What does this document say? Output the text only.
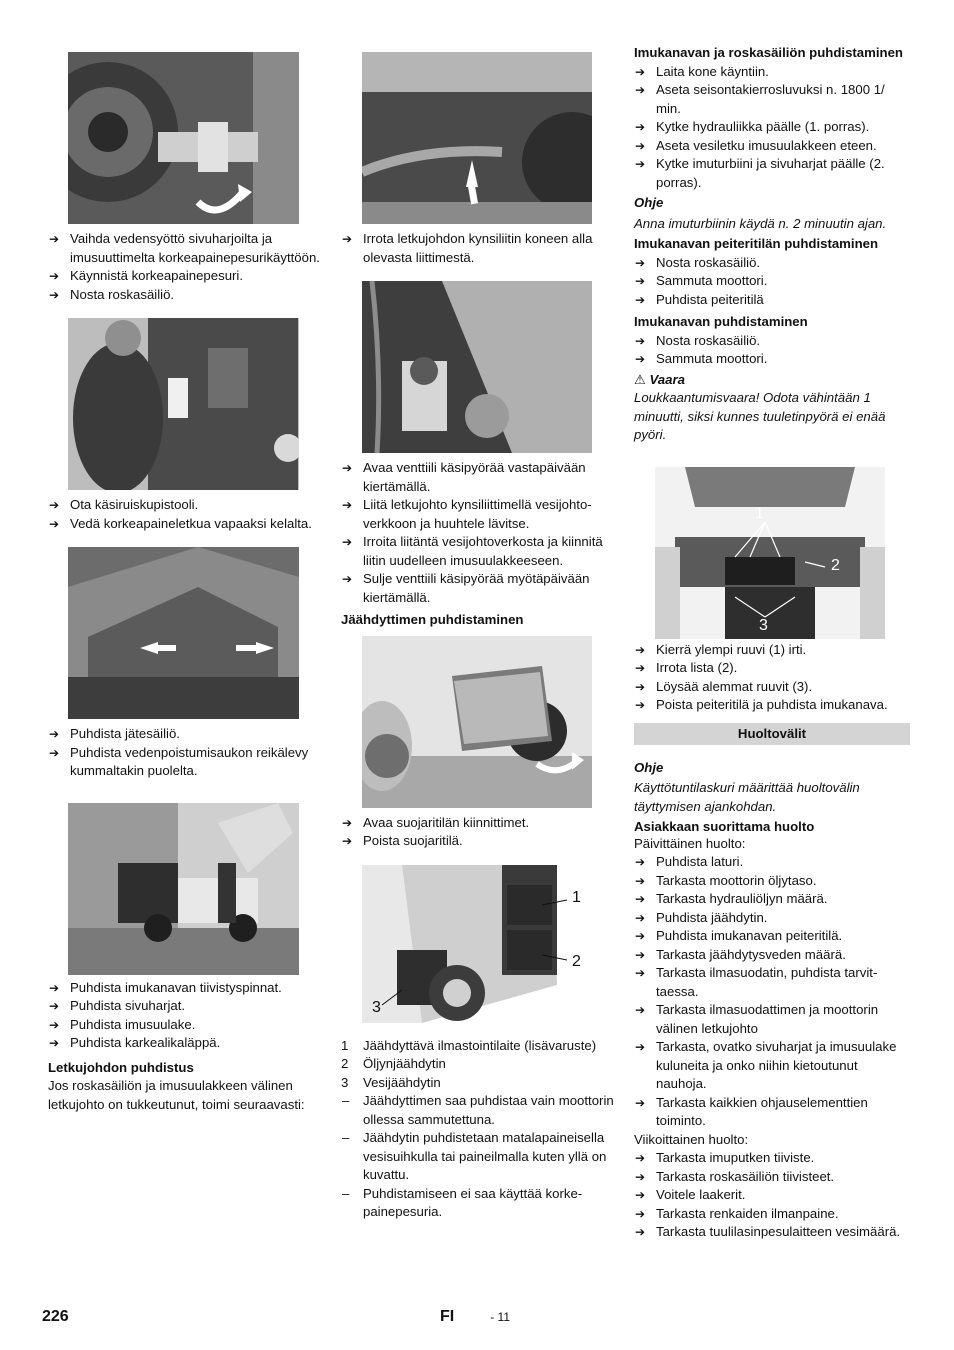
➔ Vaihda vedensyöttö sivuharjoilta ja imusuuttimelta korkeapainepesurikäyttöön.
➔ Käynnistä korkeapainepesuri.
➔ Nosta roskasäiliö.
➔ Ota käsiruiskupistooli.
➔ Vedä korkeapaineletkua vapaaksi kelalta.
➔ Puhdista jätesäiliö.
➔ Puhdista vedenpoistumisaukon reikälevy kummaltakin puolelta.
➔ Puhdista imukanavan tiivistyspinnat.
➔ Puhdista sivuharjat.
➔ Puhdista imusuulake.
➔ Puhdista karkealikaläppä.

Letkujohdon puhdistus

Jos roskasäiliön ja imusuulakkeen välinen letkujohto on tukkeutunut, toimi seuraavasti:

➔ Irrota letkujohdon kynsiliitin koneen alla olevasta liittimestä.
➔ Avaa venttiili käsipyörää vastapäivään kiertämällä.
➔ Liitä letkujohto kynsiliittimellä vesijohtoverkkoon ja huuhtele lävitse.
➔ Irroita liitäntä vesijohtoverkosta ja kiinnitä liitin uudelleen imusuulakkeeseen.
➔ Sulje venttiili käsipyörää myötäpäivään kiertämällä.

Jäähdyttimen puhdistaminen

➔ Avaa suojaritilän kiinnittimet.
➔ Poista suojaritilä.
1
2
3
1 Jäähdyttävä ilmastointilaite (lisävaruste)
2 Öljynjäähdytin
3 Vesijäähdytin
– Jäähdyttimen saa puhdistaa vain moottorin ollessa sammutettuna.
– Jäähdytin puhdistetaan matalapaineisella vesisuihkulla tai paineilmalla kuten yllä on kuvattu.
– Puhdistamiseen ei saa käyttää korkepainepesuria.

Imukanavan ja roskasäiliön puhdistaminen

➔ Laita kone käyntiin.
➔ Aseta seisontakierrosluvuksi n. 1800 1/ min.
➔ Kytke hydrauliikka päälle (1. porras).
➔ Aseta vesiletku imusuulakkeen eteen.
➔ Kytke imuturbiini ja sivuharjat päälle (2. porras).

Ohje

Anna imuturbiinin käydä n. 2 minuutin ajan.

Imukanavan peiteritilän puhdistaminen

➔ Nosta roskasäiliö.
➔ Sammuta moottori.
➔ Puhdista peiteritilä

Imukanavan puhdistaminen

➔ Nosta roskasäiliö.
➔ Sammuta moottori.

⚠ Vaara

Loukkaantumisvaara! Odota vähintään 1 minuutti, siksi kunnes tuuletinpyörä ei enää pyöri.

1
2
3
➔ Kierrä ylempi ruuvi (1) irti.
➔ Irrota lista (2).
➔ Löysää alemmat ruuvit (3).
➔ Poista peiteritilä ja puhdista imukanava.
Huoltovälit

Ohje

Käyttötuntilaskuri määrittää huoltovälin täyttymisen ajankohdan.

Asiakkaan suorittama huolto

Päivittäinen huolto:

➔ Puhdista laturi.
➔ Tarkasta moottorin öljytaso.
➔ Tarkasta hydrauliöljyn määrä.
➔ Puhdista jäähdytin.
➔ Puhdista imukanavan peiteritilä.
➔ Tarkasta jäähdytysveden määrä.
➔ Tarkasta ilmasuodatin, puhdista tarvittaessa.
➔ Tarkasta ilmasuodattimen ja moottorin välinen letkujohto
➔ Tarkasta, ovatko sivuharjat ja imusuulake kuluneita ja onko niihin kietoutunut nauhoja.
➔ Tarkasta kaikkien ohjauselementtien toiminto.

Viikoittainen huolto:

➔ Tarkasta imuputken tiiviste.
➔ Tarkasta roskasäiliön tiivisteet.
➔ Voitele laakerit.
➔ Tarkasta renkaiden ilmanpaine.
➔ Tarkasta tuulilasinpesulaitteen vesimäärä.
226	FI	- 11
